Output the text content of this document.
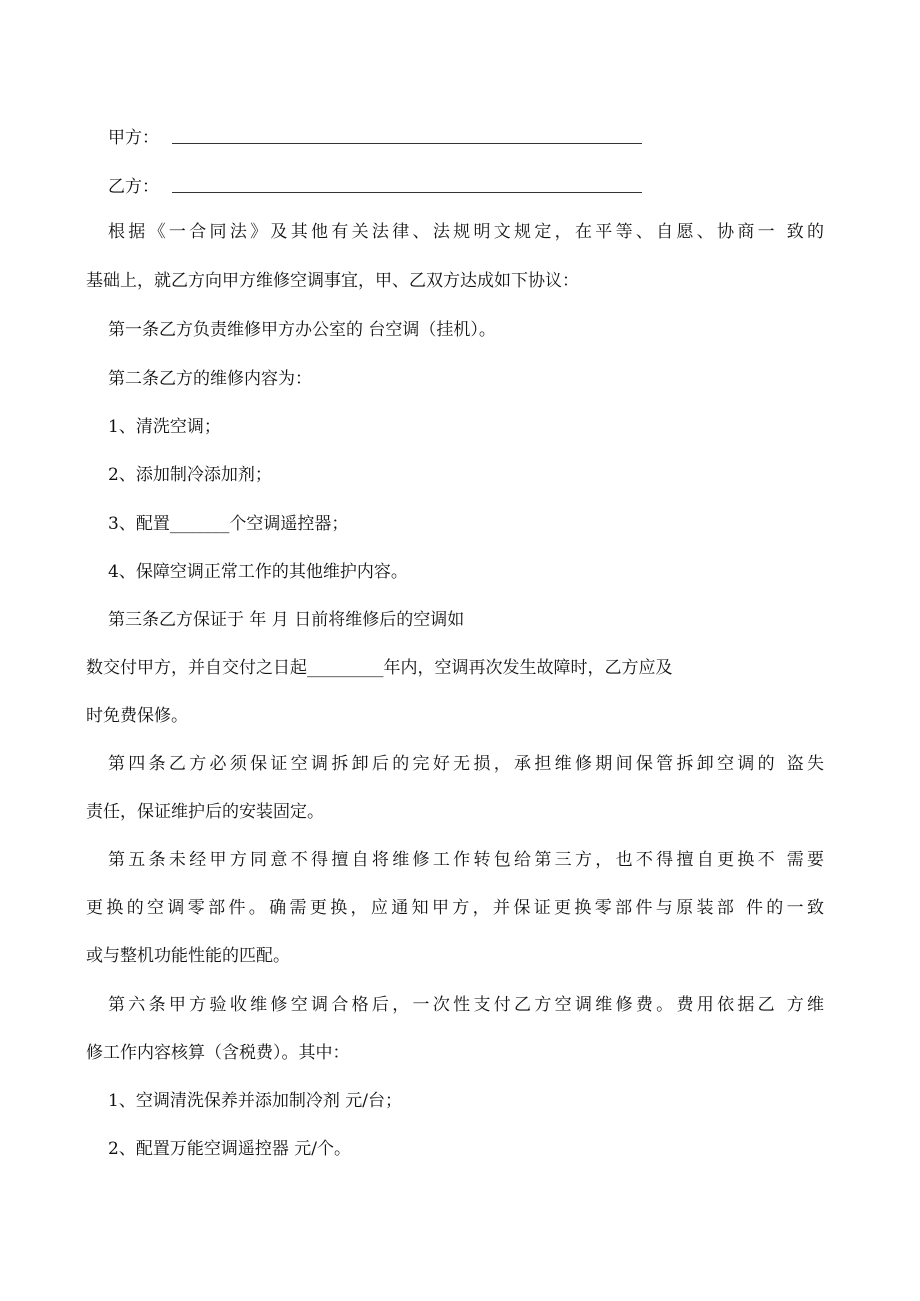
甲方：
乙方：
根据《一合同法》及其他有关法律、法规明文规定，在平等、自愿、协商一 致的
基础上，就乙方向甲方维修空调事宜，甲、乙双方达成如下协议：
第一条乙方负责维修甲方办公室的 台空调（挂机）。
第二条乙方的维修内容为：
1、清洗空调；
2、添加制冷添加剂；
3、配置_______个空调遥控器；
4、保障空调正常工作的其他维护内容。
第三条乙方保证于 年 月 日前将维修后的空调如
数交付甲方，并自交付之日起_________年内，空调再次发生故障时，乙方应及
时免费保修。
第四条乙方必须保证空调拆卸后的完好无损，承担维修期间保管拆卸空调的 盗失
责任，保证维护后的安装固定。
第五条未经甲方同意不得擅自将维修工作转包给第三方，也不得擅自更换不 需要
更换的空调零部件。确需更换，应通知甲方，并保证更换零部件与原装部 件的一致
或与整机功能性能的匹配。
第六条甲方验收维修空调合格后，一次性支付乙方空调维修费。费用依据乙 方维
修工作内容核算（含税费）。其中：
1、空调清洗保养并添加制冷剂 元/台；
2、配置万能空调遥控器 元/个。
